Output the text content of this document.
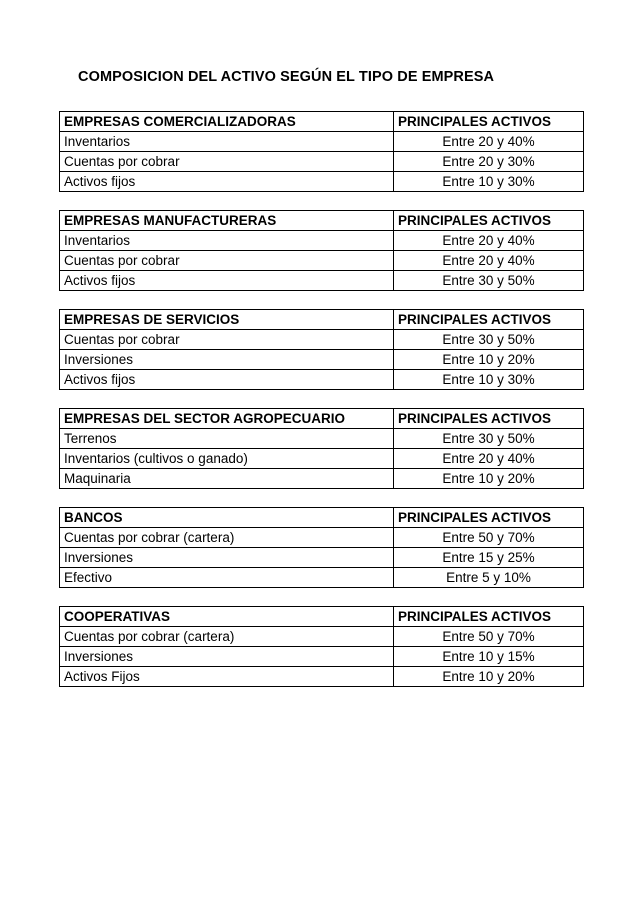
COMPOSICION DEL ACTIVO SEGÚN EL TIPO DE EMPRESA
EMPRESAS COMERCIALIZADORAS	PRINCIPALES ACTIVOS
Inventarios	Entre 20 y 40%
Cuentas por cobrar	Entre 20 y 30%
Activos fijos	Entre 10 y 30%
EMPRESAS MANUFACTURERAS	PRINCIPALES ACTIVOS
Inventarios	Entre 20 y 40%
Cuentas por cobrar	Entre 20 y 40%
Activos fijos	Entre 30 y 50%
EMPRESAS DE SERVICIOS	PRINCIPALES ACTIVOS
Cuentas por cobrar	Entre 30 y 50%
Inversiones	Entre 10 y 20%
Activos fijos	Entre 10 y 30%
EMPRESAS DEL SECTOR AGROPECUARIO	PRINCIPALES ACTIVOS
Terrenos	Entre 30 y 50%
Inventarios (cultivos o ganado)	Entre 20 y 40%
Maquinaria	Entre 10 y 20%
BANCOS	PRINCIPALES ACTIVOS
Cuentas por cobrar (cartera)	Entre 50 y 70%
Inversiones	Entre 15 y 25%
Efectivo	Entre 5 y 10%
COOPERATIVAS	PRINCIPALES ACTIVOS
Cuentas por cobrar (cartera)	Entre 50 y 70%
Inversiones	Entre 10 y 15%
Activos Fijos	Entre 10 y 20%
